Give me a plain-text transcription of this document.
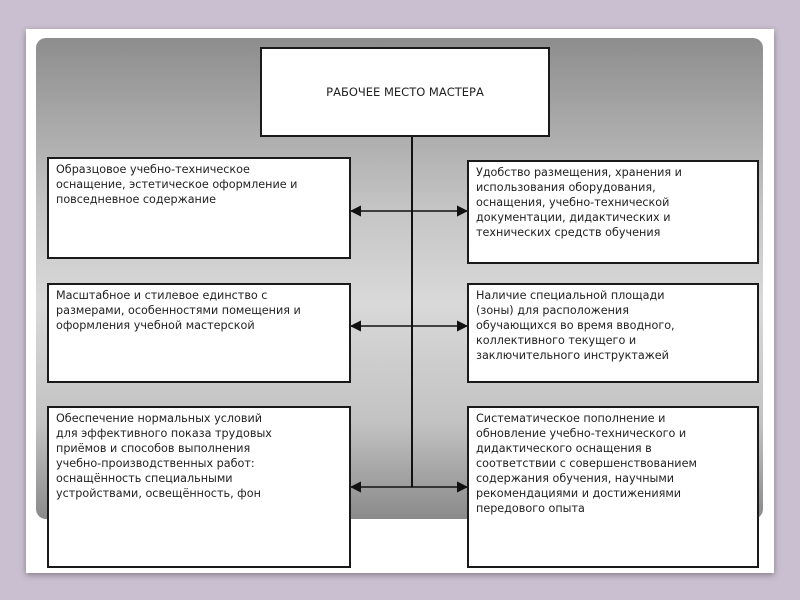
РАБОЧЕЕ МЕСТО МАСТЕРА
Образцовое учебно-техническое
оснащение, эстетическое оформление и
повседневное содержание
Масштабное и стилевое единство с
размерами, особенностями помещения и
оформления учебной мастерской
Обеспечение нормальных условий
для эффективного показа трудовых
приёмов и способов выполнения
учебно-производственных работ:
оснащённость специальными
устройствами, освещённость, фон
Удобство размещения, хранения и
использования оборудования,
оснащения, учебно-технической
документации, дидактических и
технических средств обучения
Наличие специальной площади
(зоны) для расположения
обучающихся во время вводного,
коллективного текущего и
заключительного инструктажей
Систематическое пополнение и
обновление учебно-технического и
дидактического оснащения в
соответствии с совершенствованием
содержания обучения, научными
рекомендациями и достижениями
передового опыта
